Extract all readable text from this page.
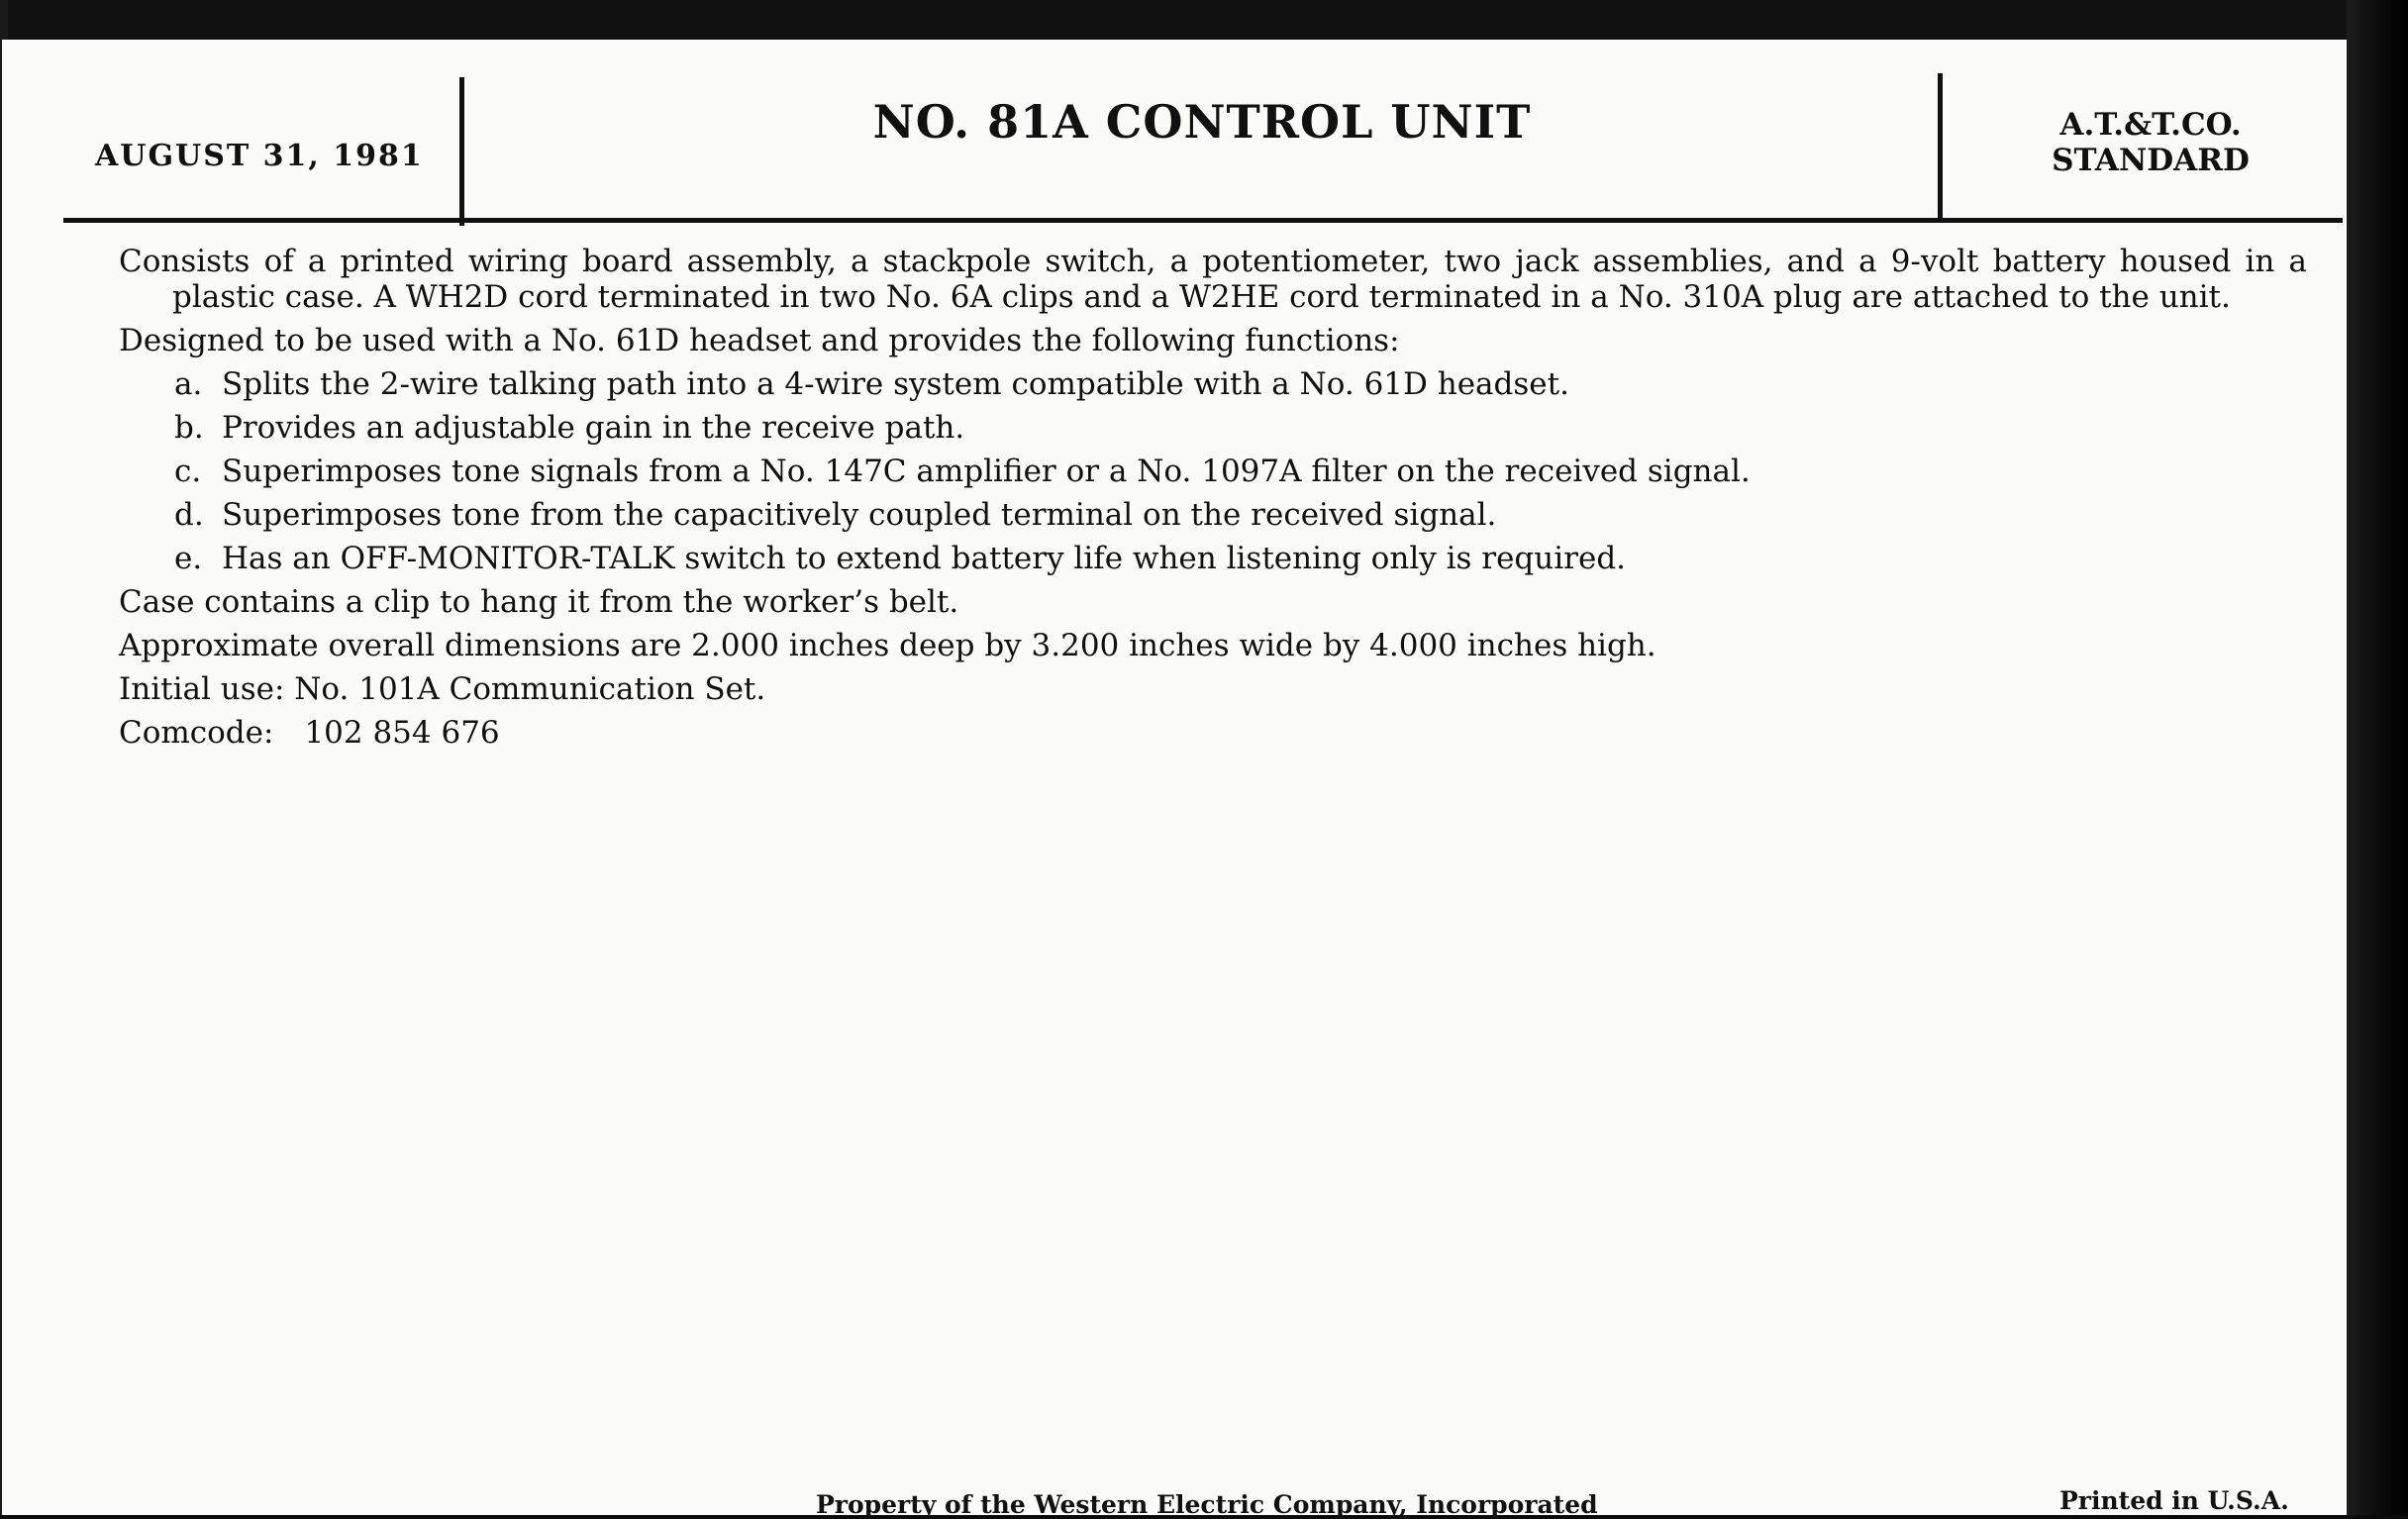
AUGUST 31, 1981
NO. 81A CONTROL UNIT	A.T.&T.CO.
STANDARD

Consists of a printed wiring board assembly, a stackpole switch, a potentiometer, two jack assemblies, and a 9-volt battery housed in a plastic case. A WH2D cord terminated in two No. 6A clips and a W2HE cord terminated in a No. 310A plug are attached to the unit.

Designed to be used with a No. 61D headset and provides the following functions:

a. Splits the 2-wire talking path into a 4-wire system compatible with a No. 61D headset.
b. Provides an adjustable gain in the receive path.
c. Superimposes tone signals from a No. 147C amplifier or a No. 1097A filter on the received signal.
d. Superimposes tone from the capacitively coupled terminal on the received signal.
e. Has an OFF-MONITOR-TALK switch to extend battery life when listening only is required.

Case contains a clip to hang it from the worker’s belt.

Approximate overall dimensions are 2.000 inches deep by 3.200 inches wide by 4.000 inches high.

Initial use: No. 101A Communication Set.

Comcode:  102 854 676

Property of the Western Electric Company, Incorporated	Printed in U.S.A.
